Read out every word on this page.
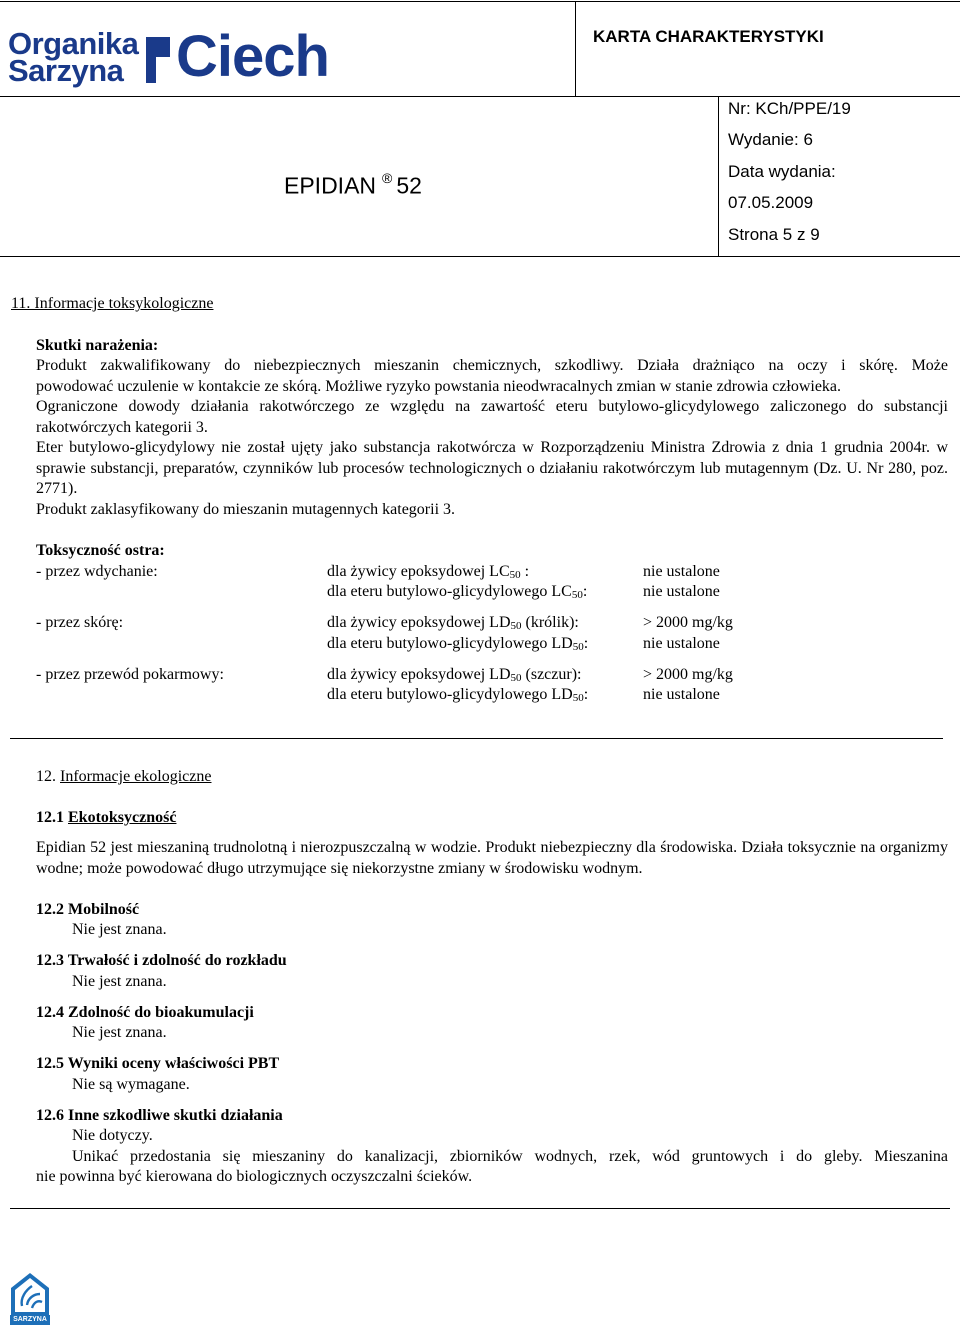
Organika
Sarzyna Ciech	KARTA CHARAKTERYSTYKI
EPIDIAN ® 52
Nr: KCh/PPE/19
Wydanie: 6
Data wydania:
07.05.2009
Strona 5 z 9
11. Informacje toksykologiczne
Skutki narażenia:
Produkt zakwalifikowany do niebezpiecznych mieszanin chemicznych, szkodliwy. Działa drażniąco na oczy i skórę. Może
powodować uczulenie w kontakcie ze skórą. Możliwe ryzyko powstania nieodwracalnych zmian w stanie zdrowia człowieka.
Ograniczone dowody działania rakotwórczego ze względu na zawartość eteru butylowo-glicydylowego zaliczonego do substancji rakotwórczych kategorii 3.
Eter butylowo-glicydylowy nie został ujęty jako substancja rakotwórcza w Rozporządzeniu Ministra Zdrowia z dnia 1 grudnia 2004r. w sprawie substancji, preparatów, czynników lub procesów technologicznych o działaniu rakotwórczym lub mutagennym (Dz. U. Nr 280, poz. 2771).
Produkt zaklasyfikowany do mieszanin mutagennych kategorii 3.
Toksyczność ostra:
- przez wdychanie:	dla żywicy epoksydowej $LC_{50}$ :	nie ustalone
dla eteru butylowo-glicydylowego $LC_{50}$:	nie ustalone
- przez skórę:	dla żywicy epoksydowej $LD_{50}$ (królik):	> 2000 mg/kg
dla eteru butylowo-glicydylowego $LD_{50}$:	nie ustalone
- przez przewód pokarmowy:	dla żywicy epoksydowej $LD_{50}$ (szczur):	> 2000 mg/kg
dla eteru butylowo-glicydylowego $LD_{50}$:	nie ustalone
12. Informacje ekologiczne
12.1 Ekotoksyczność
Epidian 52 jest mieszaniną trudnolotną i nierozpuszczalną w wodzie. Produkt niebezpieczny dla środowiska. Działa toksycznie na organizmy wodne; może powodować długo utrzymujące się niekorzystne zmiany w środowisku wodnym.
12.2 Mobilność
Nie jest znana.
12.3 Trwałość i zdolność do rozkładu
Nie jest znana.
12.4 Zdolność do bioakumulacji
Nie jest znana.
12.5 Wyniki oceny właściwości PBT
Nie są wymagane.
12.6 Inne szkodliwe skutki działania
Nie dotyczy.
Unikać przedostania się mieszaniny do kanalizacji, zbiorników wodnych, rzek, wód gruntowych i do gleby. Mieszanina
nie powinna być kierowana do biologicznych oczyszczalni ścieków.
SARZYNA
